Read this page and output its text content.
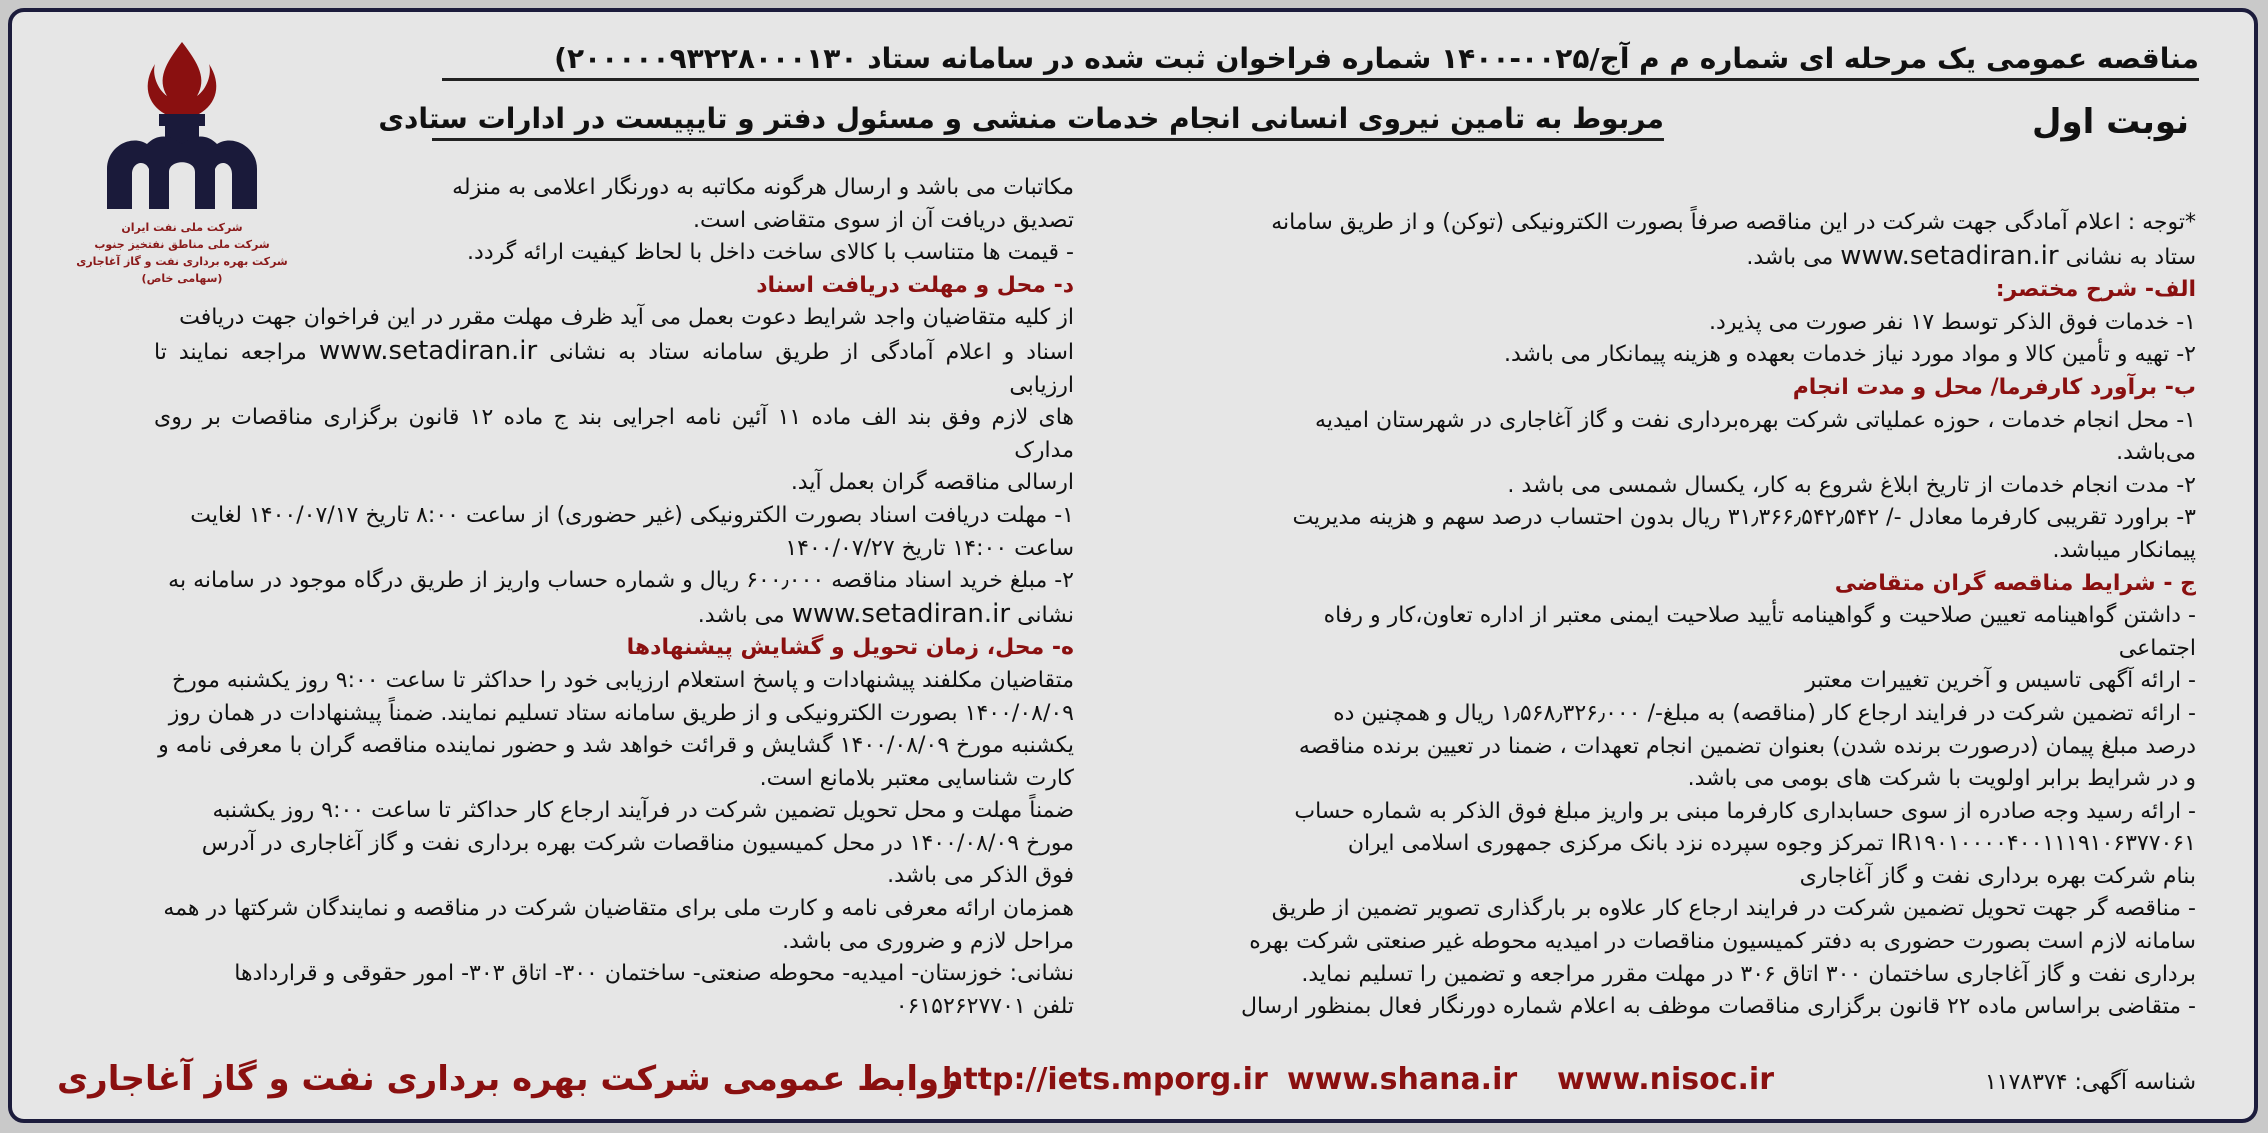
شرکت ملی نفت ایران
شرکت ملی مناطق نفتخیز جنوب
شرکت بهره برداری نفت و گاز آغاجاری (سهامی خاص)
مناقصه عمومی یک مرحله ای شماره م م آج/۰۰۲۵-۱۴۰۰ شماره فراخوان ثبت شده در سامانه ستاد ۲۰۰۰۰۰۹۳۲۲۸۰۰۰۱۳۰)
مربوط به تامین نیروی انسانی انجام خدمات منشی و مسئول دفتر و تایپیست در ادارات ستادی	نوبت اول

*توجه : اعلام آمادگی جهت شرکت در این مناقصه صرفاً بصورت الکترونیکی (توکن) و از طریق سامانه

ستاد به نشانی www.setadiran.ir می باشد.

الف- شرح مختصر:

۱- خدمات فوق الذکر توسط ۱۷ نفر صورت می پذیرد.

۲- تهیه و تأمین کالا و مواد مورد نیاز خدمات بعهده و هزینه پیمانکار می باشد.

ب- برآورد کارفرما/ محل و مدت انجام

۱- محل انجام خدمات ، حوزه عملیاتی شرکت بهره‌برداری نفت و گاز آغاجاری در شهرستان امیدیه

می‌باشد.

۲- مدت انجام خدمات از تاریخ ابلاغ شروع به کار، یکسال شمسی می باشد .

۳- براورد تقریبی کارفرما معادل -/ ۳۱٫۳۶۶٫۵۴۲٫۵۴۲ ریال بدون احتساب درصد سهم و هزینه مدیریت

پیمانکار میباشد.

ج - شرایط مناقصه گران متقاضی

- داشتن گواهینامه تعیین صلاحیت و گواهینامه تأیید صلاحیت ایمنی معتبر از اداره تعاون،کار و رفاه

اجتماعی

- ارائه آگهی تاسیس و آخرین تغییرات معتبر

- ارائه تضمین شرکت در فرایند ارجاع کار (مناقصه) به مبلغ-/ ۱٫۵۶۸٫۳۲۶٫۰۰۰ ریال و همچنین ده

درصد مبلغ پیمان (درصورت برنده شدن) بعنوان تضمین انجام تعهدات ، ضمنا در تعیین برنده مناقصه

و در شرایط برابر اولویت با شرکت های بومی می باشد.

- ارائه رسید وجه صادره از سوی حسابداری کارفرما مبنی بر واریز مبلغ فوق الذکر به شماره حساب

IR۱۹۰۱۰۰۰۰۴۰۰۱۱۱۹۱۰۶۳۷۷۰۶۱ تمرکز وجوه سپرده نزد بانک مرکزی جمهوری اسلامی ایران

بنام شرکت بهره برداری نفت و گاز آغاجاری

- مناقصه گر جهت تحویل تضمین شرکت در فرایند ارجاع کار علاوه بر بارگذاری تصویر تضمین از طریق

سامانه لازم است بصورت حضوری به دفتر کمیسیون مناقصات در امیدیه محوطه غیر صنعتی شرکت بهره

برداری نفت و گاز آغاجاری ساختمان ۳۰۰ اتاق ۳۰۶ در مهلت مقرر مراجعه و تضمین را تسلیم نماید.

- متقاضی براساس ماده ۲۲ قانون برگزاری مناقصات موظف به اعلام شماره دورنگار فعال بمنظور ارسال

مکاتبات می باشد و ارسال هرگونه مکاتبه به دورنگار اعلامی به منزله

تصدیق دریافت آن از سوی متقاضی است.

- قیمت ها متناسب با کالای ساخت داخل با لحاظ کیفیت ارائه گردد.

د- محل و مهلت دریافت اسناد

از کلیه متقاضیان واجد شرایط دعوت بعمل می آید ظرف مهلت مقرر در این فراخوان جهت دریافت

اسناد و اعلام آمادگی از طریق سامانه ستاد به نشانی www.setadiran.ir مراجعه نمایند تا ارزیابی

های لازم وفق بند الف ماده ۱۱ آئین نامه اجرایی بند ج ماده ۱۲ قانون برگزاری مناقصات بر روی مدارک

ارسالی مناقصه گران بعمل آید.

۱- مهلت دریافت اسناد بصورت الکترونیکی (غیر حضوری) از ساعت ۸:۰۰ تاریخ ۱۴۰۰/۰۷/۱۷ لغایت

ساعت ۱۴:۰۰ تاریخ ۱۴۰۰/۰۷/۲۷

۲- مبلغ خرید اسناد مناقصه ۶۰۰٫۰۰۰ ریال و شماره حساب واریز از طریق درگاه موجود در سامانه به

نشانی www.setadiran.ir می باشد.

ه- محل، زمان تحویل و گشایش پیشنهادها

متقاضیان مکلفند پیشنهادات و پاسخ استعلام ارزیابی خود را حداکثر تا ساعت ۹:۰۰ روز یکشنبه مورخ

۱۴۰۰/۰۸/۰۹ بصورت الکترونیکی و از طریق سامانه ستاد تسلیم نمایند. ضمناً پیشنهادات در همان روز

یکشنبه مورخ ۱۴۰۰/۰۸/۰۹ گشایش و قرائت خواهد شد و حضور نماینده مناقصه گران با معرفی نامه و

کارت شناسایی معتبر بلامانع است.

ضمناً مهلت و محل تحویل تضمین شرکت در فرآیند ارجاع کار حداکثر تا ساعت ۹:۰۰ روز یکشنبه

مورخ ۱۴۰۰/۰۸/۰۹ در محل کمیسیون مناقصات شرکت بهره برداری نفت و گاز آغاجاری در آدرس

فوق الذکر می باشد.

همزمان ارائه معرفی نامه و کارت ملی برای متقاضیان شرکت در مناقصه و نمایندگان شرکتها در همه

مراحل لازم و ضروری می باشد.

نشانی: خوزستان- امیدیه- محوطه صنعتی- ساختمان ۳۰۰- اتاق ۳۰۳- امور حقوقی و قراردادها

تلفن ۰۶۱۵۲۶۲۷۷۰۱

روابط عمومی شرکت بهره برداری نفت و گاز آغاجاری
http://iets.mporg.ir www.shana.ir www.nisoc.ir	شناسه آگهی: ۱۱۷۸۳۷۴
